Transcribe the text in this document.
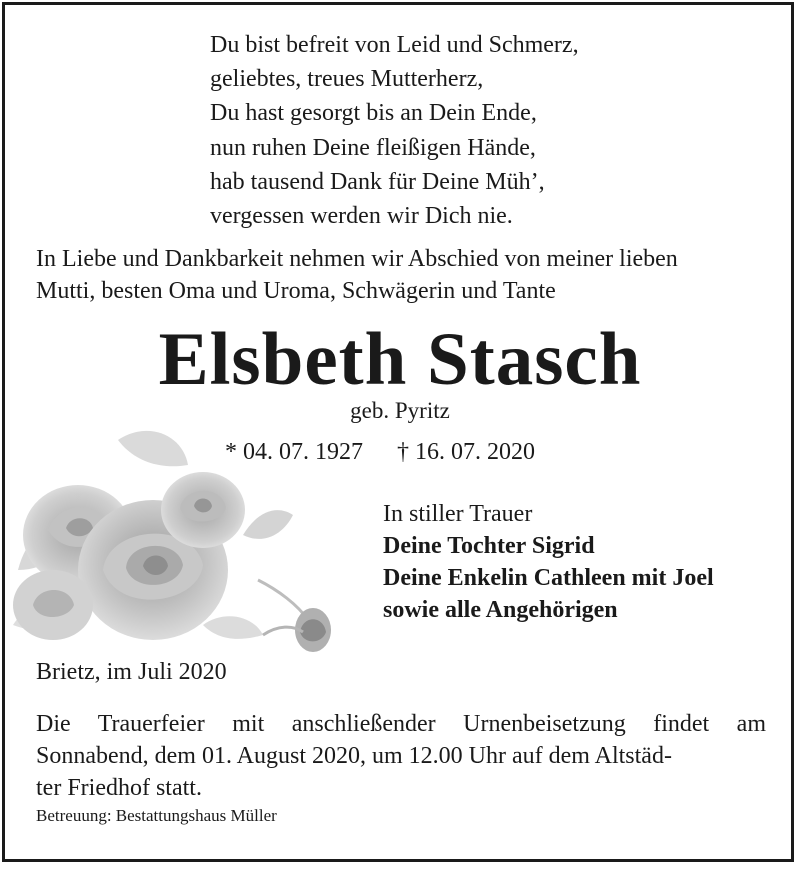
Du bist befreit von Leid und Schmerz,
geliebtes, treues Mutterherz,
Du hast gesorgt bis an Dein Ende,
nun ruhen Deine fleißigen Hände,
hab tausend Dank für Deine Müh’,
vergessen werden wir Dich nie.
In Liebe und Dankbarkeit nehmen wir Abschied von meiner lieben
Mutti, besten Oma und Uroma, Schwägerin und Tante
Elsbeth Stasch
geb. Pyritz
* 04. 07. 1927 † 16. 07. 2020
In stiller Trauer
Deine Tochter Sigrid
Deine Enkelin Cathleen mit Joel
sowie alle Angehörigen
Brietz, im Juli 2020
Die Trauerfeier mit anschließender Urnenbeisetzung findet am
Sonnabend, dem 01. August 2020, um 12.00 Uhr auf dem Altstäd-
ter Friedhof statt.
Betreuung: Bestattungshaus Müller
